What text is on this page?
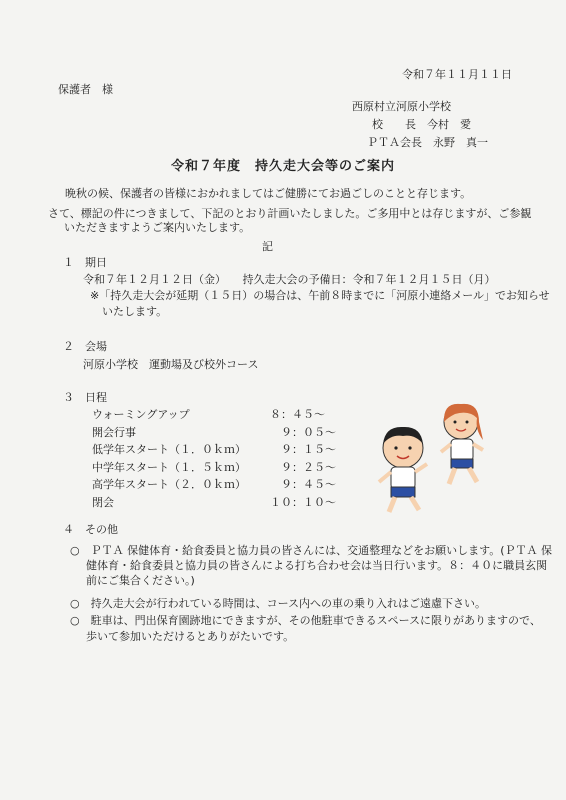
令和７年１１月１１日
保護者　様
西原村立河原小学校
校　　長　今村　愛
ＰＴＡ会長　永野　真一
令和７年度　持久走大会等のご案内
晩秋の候、保護者の皆様におかれましてはご健勝にてお過ごしのことと存じます。
さて、標記の件につきまして、下記のとおり計画いたしました。ご多用中とは存じますが、ご参観
いただきますようご案内いたします。
記
１　期日
令和７年１２月１２日（金）　　持久走大会の予備日：令和７年１２月１５日（月）
※「持久走大会が延期（１５日）の場合は、午前８時までに「河原小連絡メール」でお知らせ
いたします。
２　会場
河原小学校　運動場及び校外コース
３　日程
ウォーミングアップ	８：４５～
開会行事	　９：０５～
低学年スタート（１．０ｋｍ） 　９：１５～
中学年スタート（１．５ｋｍ） 　９：２５～
高学年スタート（２．０ｋｍ） 　９：４５～
閉会	１０：１０～
４　その他
○　ＰＴＡ 保健体育・給食委員と協力員の皆さんには、交通整理などをお願いします。(ＰＴＡ 保
健体育・給食委員と協力員の皆さんによる打ち合わせ会は当日行います。８：４０に職員玄関
前にご集合ください。)
○　持久走大会が行われている時間は、コース内への車の乗り入れはご遠慮下さい。
○　駐車は、門出保育園跡地にできますが、その他駐車できるスペースに限りがありますので、
歩いて参加いただけるとありがたいです。
